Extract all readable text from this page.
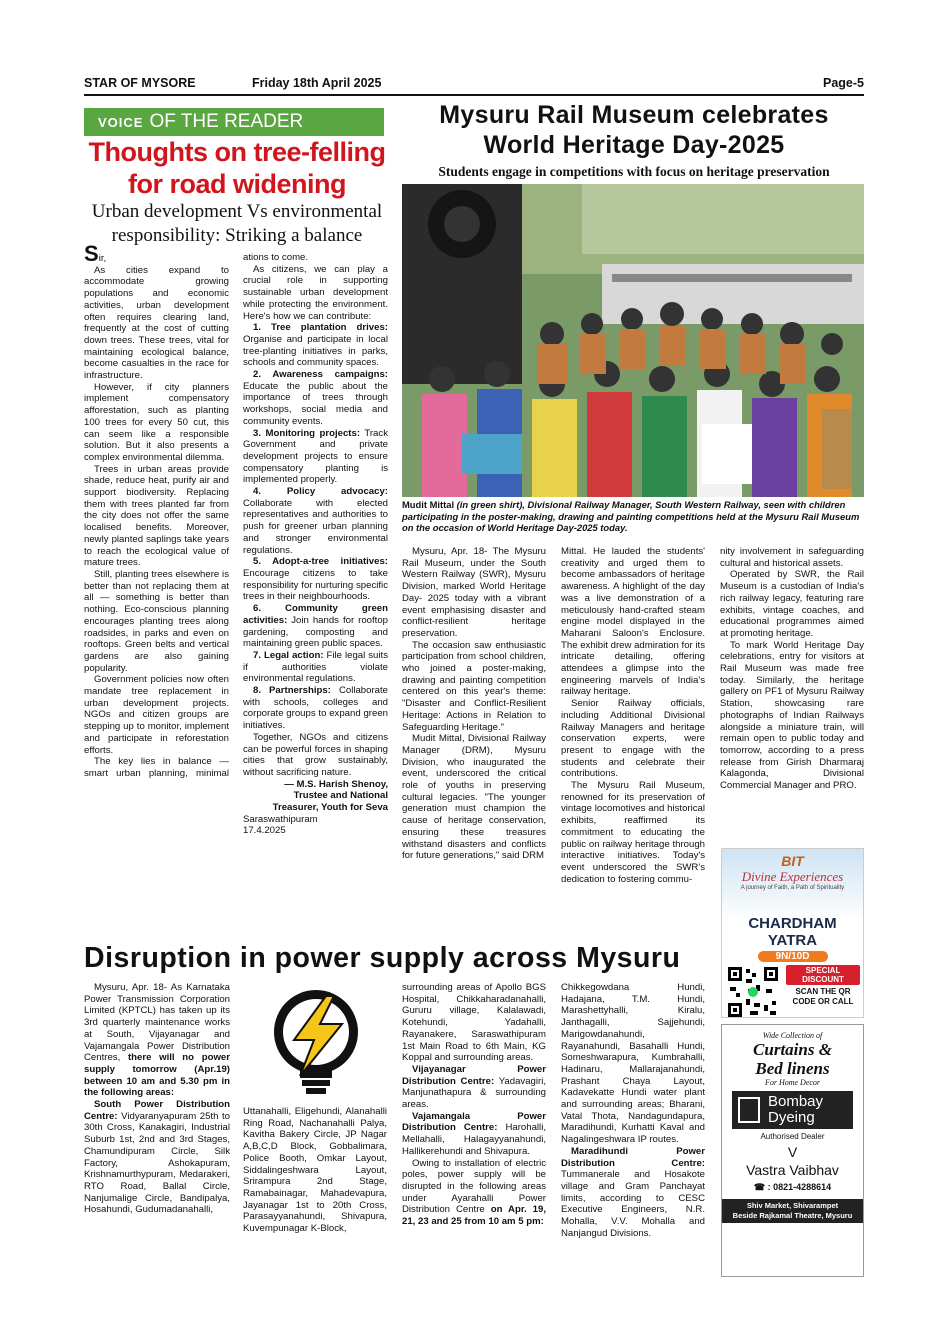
STAR OF MYSORE	Friday 18th April 2025	Page-5
VOICE OF THE READER
Thoughts on tree-felling for road widening
Urban development Vs environmental responsibility: Striking a balance

Sir,

As cities expand to accommodate growing populations and economic activities, urban development often requires clearing land, frequently at the cost of cutting down trees. These trees, vital for maintaining ecological balance, become casualties in the race for infrastructure.

However, if city planners implement compensatory afforestation, such as planting 100 trees for every 50 cut, this can seem like a responsible solution. But it also presents a complex environmental dilemma.

Trees in urban areas provide shade, reduce heat, purify air and support biodiversity. Replacing them with trees planted far from the city does not offer the same localised benefits. Moreover, newly planted saplings take years to reach the ecological value of mature trees.

Still, planting trees elsewhere is better than not replacing them at all — something is better than nothing. Eco-conscious planning encourages planting trees along roadsides, in parks and even on rooftops. Green belts and vertical gardens are also gaining popularity.

Government policies now often mandate tree replacement in urban development projects. NGOs and citizen groups are stepping up to monitor, implement and participate in reforestation efforts.

The key lies in balance — smart urban planning, minimal

ations to come.

As citizens, we can play a crucial role in supporting sustainable urban development while protecting the environment. Here's how we can contribute:

1. Tree plantation drives: Organise and participate in local tree-planting initiatives in parks, schools and community spaces.

2. Awareness campaigns: Educate the public about the importance of trees through workshops, social media and community events.

3. Monitoring projects: Track Government and private development projects to ensure compensatory planting is implemented properly.

4. Policy advocacy: Collaborate with elected representatives and authorities to push for greener urban planning and stronger environmental regulations.

5. Adopt-a-tree initiatives: Encourage citizens to take responsibility for nurturing specific trees in their neighbourhoods.

6. Community green activities: Join hands for rooftop gardening, composting and maintaining green public spaces.

7. Legal action: File legal suits if authorities violate environmental regulations.

8. Partnerships: Collaborate with schools, colleges and corporate groups to expand green initiatives.

Together, NGOs and citizens can be powerful forces in shaping cities that grow sustainably, without sacrificing nature.

— M.S. Harish Shenoy,

Trustee and National

Treasurer, Youth for Seva

Saraswathipuram

17.4.2025

Mysuru Rail Museum celebrates World Heritage Day-2025
Students engage in competitions with focus on heritage preservation
Mudit Mittal (in green shirt), Divisional Railway Manager, South Western Railway, seen with children participating in the poster-making, drawing and painting competitions held at the Mysuru Rail Museum on the occasion of World Heritage Day-2025 today.

Mysuru, Apr. 18- The Mysuru Rail Museum, under the South Western Railway (SWR), Mysuru Division, marked World Heritage Day- 2025 today with a vibrant event emphasising disaster and conflict-resilient heritage preservation.

The occasion saw enthusiastic participation from school children, who joined a poster-making, drawing and painting competition centered on this year's theme: "Disaster and Conflict-Resilient Heritage: Actions in Relation to Safeguarding Heritage."

Mudit Mittal, Divisional Railway Manager (DRM), Mysuru Division, who inaugurated the event, underscored the critical role of youths in preserving cultural legacies. "The younger generation must champion the cause of heritage conservation, ensuring these treasures withstand disasters and conflicts for future generations," said DRM

Mittal. He lauded the students' creativity and urged them to become ambassadors of heritage awareness. A highlight of the day was a live demonstration of a meticulously hand-crafted steam engine model displayed in the Maharani Saloon's Enclosure. The exhibit drew admiration for its intricate detailing, offering attendees a glimpse into the engineering marvels of India's railway heritage.

Senior Railway officials, including Additional Divisional Railway Managers and heritage conservation experts, were present to engage with the students and celebrate their contributions.

The Mysuru Rail Museum, renowned for its preservation of vintage locomotives and historical exhibits, reaffirmed its commitment to educating the public on railway heritage through interactive initiatives. Today's event underscored the SWR's dedication to fostering commu-

nity involvement in safeguarding cultural and historical assets.

Operated by SWR, the Rail Museum is a custodian of India's rich railway legacy, featuring rare exhibits, vintage coaches, and educational programmes aimed at promoting heritage.

To mark World Heritage Day celebrations, entry for visitors at Rail Museum was made free today. Similarly, the heritage gallery on PF1 of Mysuru Railway Station, showcasing rare photographs of Indian Railways alongside a miniature train, will remain open to public today and tomorrow, according to a press release from Girish Dharmaraj Kalagonda, Divisional Commercial Manager and PRO.

BIT
Divine Experiences
A journey of Faith, a Path of Spirituality
CHARDHAM YATRA
9N/10D
SPECIAL DISCOUNT
SCAN THE QR CODE OR CALL
Wide Collection of
Curtains &
Bed linens
For Home Decor
Bombay
Dyeing
Authorised Dealer
V
Vastra Vaibhav
☎ : 0821-4288614
Shiv Market, Shivarampet
Beside Rajkamal Theatre, Mysuru
Disruption in power supply across Mysuru

Mysuru, Apr. 18- As Karnataka Power Transmission Corporation Limited (KPTCL) has taken up its 3rd quarterly maintenance works at South, Vijayanagar and Vajamangala Power Distribution Centres, there will no power supply tomorrow (Apr.19) between 10 am and 5.30 pm in the following areas:

South Power Distribution Centre: Vidyaranyapuram 25th to 30th Cross, Kanakagiri, Industrial Suburb 1st, 2nd and 3rd Stages, Chamundipuram Circle, Silk Factory, Ashokapuram, Krishnamurthypuram, Medarakeri, RTO Road, Ballal Circle, Nanjumalige Circle, Bandipalya, Hosahundi, Gudumadanahalli,

Uttanahalli, Eligehundi, Alanahalli Ring Road, Nachanahalli Palya, Kavitha Bakery Circle, JP Nagar A,B,C,D Block, Gobbalimara, Police Booth, Omkar Layout, Siddalingeshwara Layout, Srirampura 2nd Stage, Ramabainagar, Mahadevapura, Jayanagar 1st to 20th Cross, Parasayyanahundi, Shivapura, Kuvempunagar K-Block,

surrounding areas of Apollo BGS Hospital, Chikkaharadanahalli, Gururu village, Kalalawadi, Kotehundi, Yadahalli, Rayanakere, Saraswathipuram 1st Main Road to 6th Main, KG Koppal and surrounding areas.

Vijayanagar Power Distribution Centre: Yadavagiri, Manjunathapura & surrounding areas.

Vajamangala Power Distribution Centre: Harohalli, Mellahalli, Halagayyanahundi, Hallikerehundi and Shivapura.

Owing to installation of electric poles, power supply will be disrupted in the following areas under Ayarahalli Power Distribution Centre on Apr. 19, 21, 23 and 25 from 10 am 5 pm:

Chikkegowdana Hundi, Hadajana, T.M. Hundi, Marashettyhalli, Kiralu, Janthagalli, Sajjehundi, Marigowdanahundi, Rayanahundi, Basahalli Hundi, Someshwarapura, Kumbrahalli, Hadinaru, Mallarajanahundi, Prashant Chaya Layout, Kadavekatte Hundi water plant and surrounding areas; Bharani, Vatal Thota, Nandagundapura, Maradihundi, Kurhatti Kaval and Nagalingeshwara IP routes.

Maradihundi Power Distribution Centre: Tummanerale and Hosakote village and Gram Panchayat limits, according to CESC Executive Engineers, N.R. Mohalla, V.V. Mohalla and Nanjangud Divisions.
